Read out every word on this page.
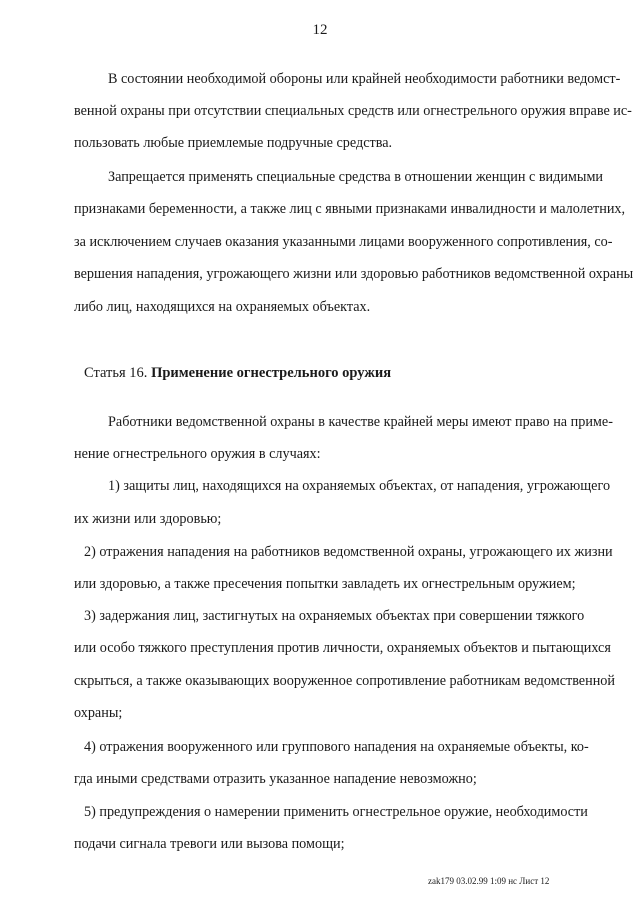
12
В состоянии необходимой обороны или крайней необходимости работники ведомст-
венной охраны при отсутствии специальных средств или огнестрельного оружия вправе ис-
пользовать любые приемлемые подручные средства.
Запрещается применять специальные средства в отношении женщин с видимыми
признаками беременности, а также лиц с явными признаками инвалидности и малолетних,
за исключением случаев оказания указанными лицами вооруженного сопротивления, со-
вершения нападения, угрожающего жизни или здоровью работников ведомственной охраны
либо лиц, находящихся на охраняемых объектах.
Статья 16. Применение огнестрельного оружия
Работники ведомственной охраны в качестве крайней меры имеют право на приме-
нение огнестрельного оружия в случаях:
1) защиты лиц, находящихся на охраняемых объектах, от нападения, угрожающего
их жизни или здоровью;
2) отражения нападения на работников ведомственной охраны, угрожающего их жизни
или здоровью, а также пресечения попытки завладеть их огнестрельным оружием;
3) задержания лиц, застигнутых на охраняемых объектах при совершении тяжкого
или особо тяжкого преступления против личности, охраняемых объектов и пытающихся
скрыться, а также оказывающих вооруженное сопротивление работникам ведомственной
охраны;
4) отражения вооруженного или группового нападения на охраняемые объекты, ко-
гда иными средствами отразить указанное нападение невозможно;
5) предупреждения о намерении применить огнестрельное оружие, необходимости
подачи сигнала тревоги или вызова помощи;
zak179 03.02.99 1:09 нс Лист 12
